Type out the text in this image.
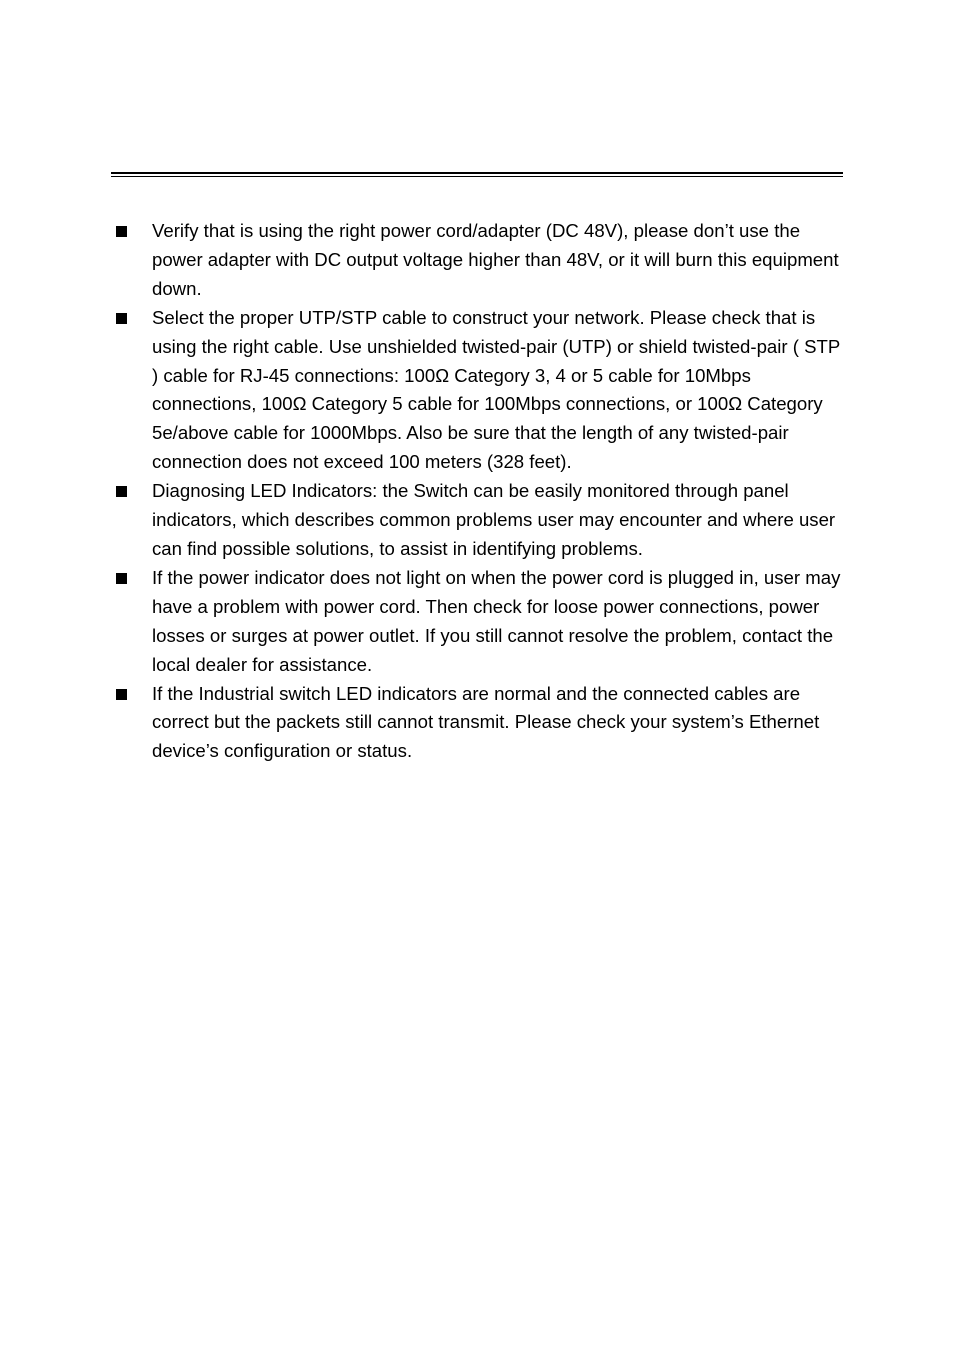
Verify that is using the right power cord/adapter (DC 48V), please don’t use the power adapter with DC output voltage higher than 48V, or it will burn this equipment down.
Select the proper UTP/STP cable to construct your network. Please check that is using the right cable. Use unshielded twisted-pair (UTP) or shield twisted-pair ( STP ) cable for RJ-45 connections: 100Ω Category 3, 4 or 5 cable for 10Mbps connections, 100Ω Category 5 cable for 100Mbps connections, or 100Ω Category 5e/above cable for 1000Mbps. Also be sure that the length of any twisted-pair connection does not exceed 100 meters (328 feet).
Diagnosing LED Indicators: the Switch can be easily monitored through panel indicators, which describes common problems user may encounter and where user can find possible solutions, to assist in identifying problems.
If the power indicator does not light on when the power cord is plugged in, user may have a problem with power cord. Then check for loose power connections, power losses or surges at power outlet. If you still cannot resolve the problem, contact the local dealer for assistance.
If the Industrial switch LED indicators are normal and the connected cables are correct but the packets still cannot transmit. Please check your system’s Ethernet device’s configuration or status.
